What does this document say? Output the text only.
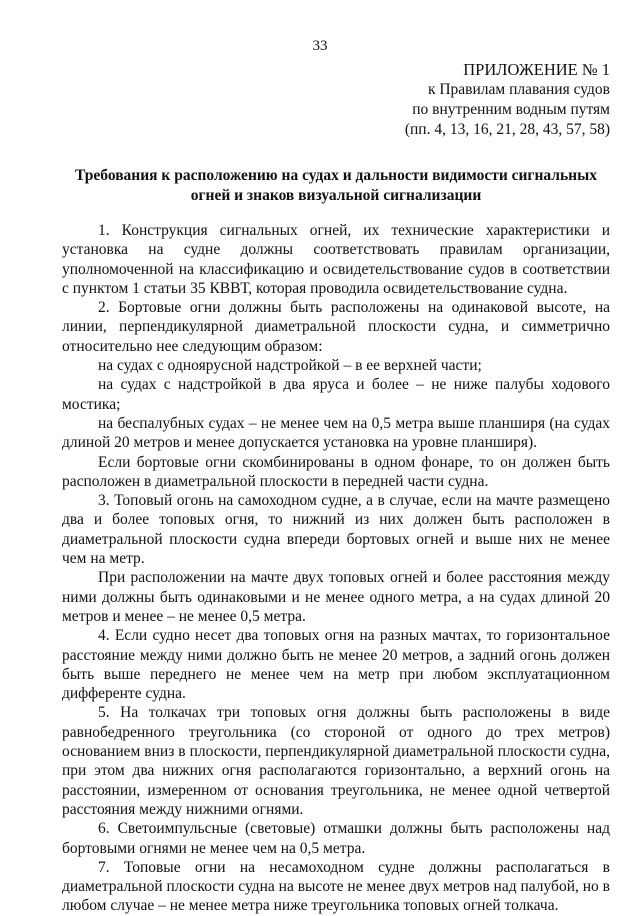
33
ПРИЛОЖЕНИЕ № 1
к Правилам плавания судов
по внутренним водным путям
(пп. 4, 13, 16, 21, 28, 43, 57, 58)
Требования к расположению на судах и дальности видимости сигнальных огней и знаков визуальной сигнализации

1. Конструкция сигнальных огней, их технические характеристики и установка на судне должны соответствовать правилам организации, уполномоченной на классификацию и освидетельствование судов в соответствии с пунктом 1 статьи 35 КВВТ, которая проводила освидетельствование судна.

2. Бортовые огни должны быть расположены на одинаковой высоте, на линии, перпендикулярной диаметральной плоскости судна, и симметрично относительно нее следующим образом:

на судах с одноярусной надстройкой – в ее верхней части;

на судах с надстройкой в два яруса и более – не ниже палубы ходового мостика;

на беспалубных судах – не менее чем на 0,5 метра выше планширя (на судах длиной 20 метров и менее допускается установка на уровне планширя).

Если бортовые огни скомбинированы в одном фонаре, то он должен быть расположен в диаметральной плоскости в передней части судна.

3. Топовый огонь на самоходном судне, а в случае, если на мачте размещено два и более топовых огня, то нижний из них должен быть расположен в диаметральной плоскости судна впереди бортовых огней и выше них не менее чем на метр.

При расположении на мачте двух топовых огней и более расстояния между ними должны быть одинаковыми и не менее одного метра, а на судах длиной 20 метров и менее – не менее 0,5 метра.

4. Если судно несет два топовых огня на разных мачтах, то горизонтальное расстояние между ними должно быть не менее 20 метров, а задний огонь должен быть выше переднего не менее чем на метр при любом эксплуатационном дифференте судна.

5. На толкачах три топовых огня должны быть расположены в виде равнобедренного треугольника (со стороной от одного до трех метров) основанием вниз в плоскости, перпендикулярной диаметральной плоскости судна, при этом два нижних огня располагаются горизонтально, а верхний огонь на расстоянии, измеренном от основания треугольника, не менее одной четвертой расстояния между нижними огнями.

6. Светоимпульсные (световые) отмашки должны быть расположены над бортовыми огнями не менее чем на 0,5 метра.

7. Топовые огни на несамоходном судне должны располагаться в диаметральной плоскости судна на высоте не менее двух метров над палубой, но в любом случае – не менее метра ниже треугольника топовых огней толкача.
